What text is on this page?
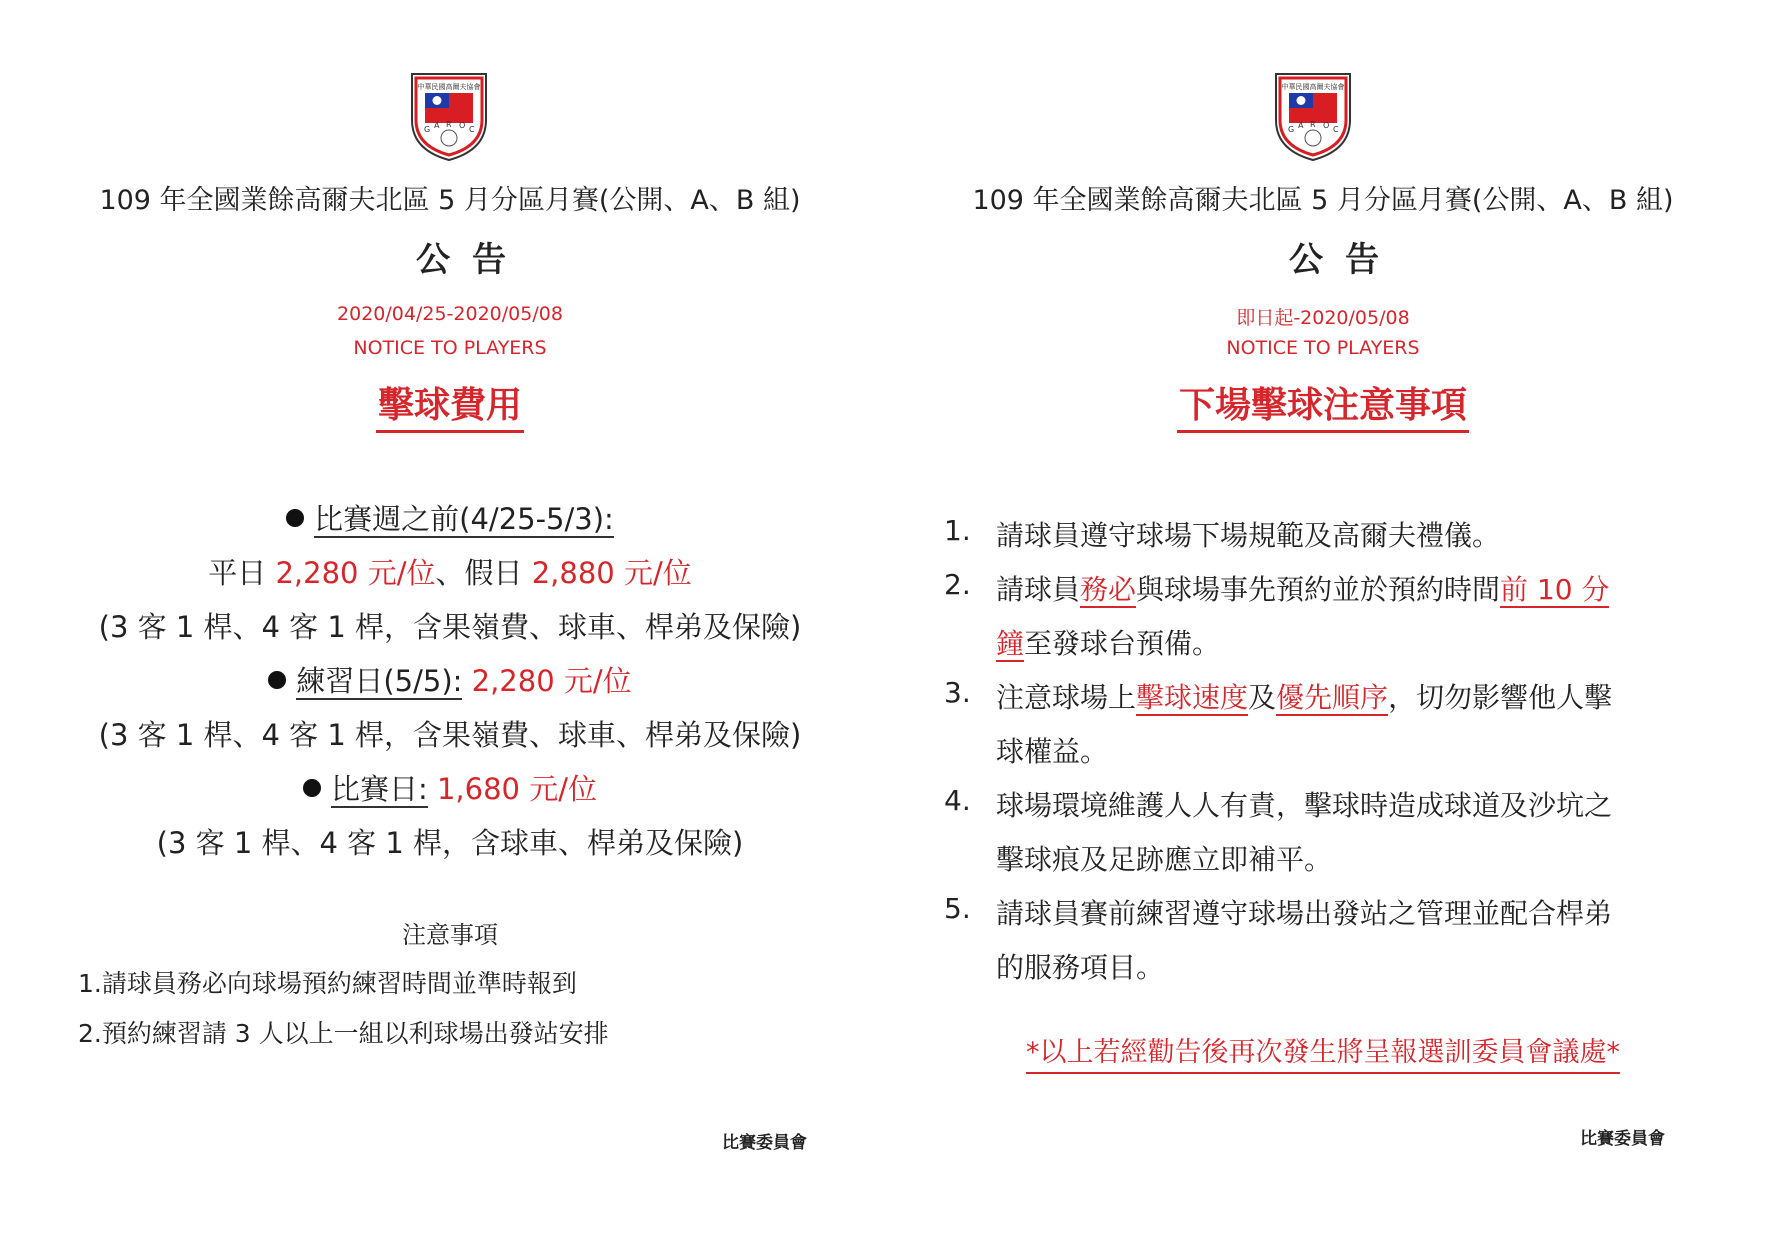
中華民國高爾夫協會
G A R O C
109 年全國業餘高爾夫北區 5 月分區月賽(公開、A、B 組)
公告
2020/04/25-2020/05/08
NOTICE TO PLAYERS
擊球費用
比賽週之前(4/25-5/3):
平日 2,280 元/位、假日 2,880 元/位
(3 客 1 桿、4 客 1 桿，含果嶺費、球車、桿弟及保險)
練習日(5/5): 2,280 元/位
(3 客 1 桿、4 客 1 桿，含果嶺費、球車、桿弟及保險)
比賽日: 1,680 元/位
(3 客 1 桿、4 客 1 桿，含球車、桿弟及保險)
注意事項
1.請球員務必向球場預約練習時間並準時報到
2.預約練習請 3 人以上一組以利球場出發站安排
比賽委員會
中華民國高爾夫協會
G A R O C
109 年全國業餘高爾夫北區 5 月分區月賽(公開、A、B 組)
公告
即日起-2020/05/08
NOTICE TO PLAYERS
下場擊球注意事項
1. 請球員遵守球場下場規範及高爾夫禮儀。
2. 請球員務必與球場事先預約並於預約時間前 10 分
鐘至發球台預備。
3. 注意球場上擊球速度及優先順序，切勿影響他人擊
球權益。
4. 球場環境維護人人有責，擊球時造成球道及沙坑之
擊球痕及足跡應立即補平。
5. 請球員賽前練習遵守球場出發站之管理並配合桿弟
的服務項目。
*以上若經勸告後再次發生將呈報選訓委員會議處*
比賽委員會
